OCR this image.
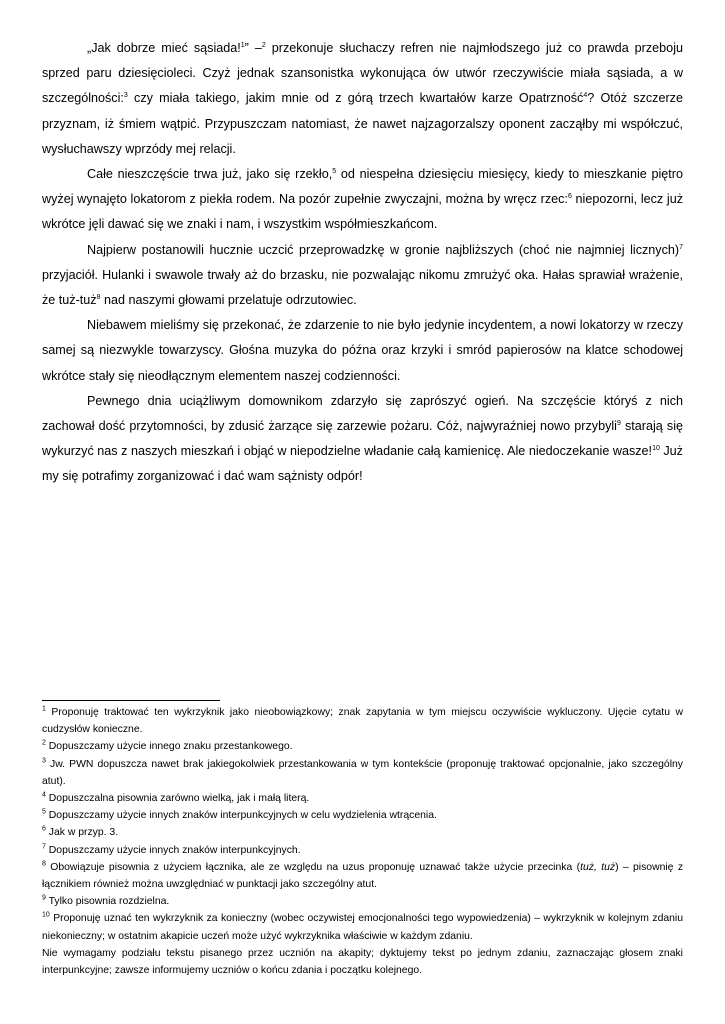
„Jak dobrze mieć sąsiada!$^1$” –$^2$ przekonuje słuchaczy refren nie najmłodszego już co prawda przeboju sprzed paru dziesięcioleci. Czyż jednak szansonistka wykonująca ów utwór rzeczywiście miała sąsiada, a w szczególności:$^3$ czy miała takiego, jakim mnie od z górą trzech kwartałów karze Opatrzność$^4$? Otóż szczerze przyznam, iż śmiem wątpić. Przypuszczam natomiast, że nawet najzagorzalszy oponent zacząłby mi współczuć, wysłuchawszy wprzódy mej relacji.

Całe nieszczęście trwa już, jako się rzekło,$^5$ od niespełna dziesięciu miesięcy, kiedy to mieszkanie piętro wyżej wynajęto lokatorom z piekła rodem. Na pozór zupełnie zwyczajni, można by wręcz rzec:$^6$ niepozorni, lecz już wkrótce jęli dawać się we znaki i nam, i wszystkim współmieszkańcom.

Najpierw postanowili hucznie uczcić przeprowadzkę w gronie najbliższych (choć nie najmniej licznych)$^7$ przyjaciół. Hulanki i swawole trwały aż do brzasku, nie pozwalając nikomu zmrużyć oka. Hałas sprawiał wrażenie, że tuż-tuż$^8$ nad naszymi głowami przelatuje odrzutowiec.

Niebawem mieliśmy się przekonać, że zdarzenie to nie było jedynie incydentem, a nowi lokatorzy w rzeczy samej są niezwykle towarzyscy. Głośna muzyka do późna oraz krzyki i smród papierosów na klatce schodowej wkrótce stały się nieodłącznym elementem naszej codzienności.

Pewnego dnia uciążliwym domownikom zdarzyło się zaprószyć ogień. Na szczęście któryś z nich zachował dość przytomności, by zdusić żarzące się zarzewie pożaru. Cóż, najwyraźniej nowo przybyli$^9$ starają się wykurzyć nas z naszych mieszkań i objąć w niepodzielne władanie całą kamienicę. Ale niedoczekanie wasze!$^{10}$ Już my się potrafimy zorganizować i dać wam sążnisty odpór!

$^1$ Proponuję traktować ten wykrzyknik jako nieobowiązkowy; znak zapytania w tym miejscu oczywiście wykluczony. Ujęcie cytatu w cudzysłów konieczne.

$^2$ Dopuszczamy użycie innego znaku przestankowego.

$^3$ Jw. PWN dopuszcza nawet brak jakiegokolwiek przestankowania w tym kontekście (proponuję traktować opcjonalnie, jako szczególny atut).

$^4$ Dopuszczalna pisownia zarówno wielką, jak i małą literą.

$^5$ Dopuszczamy użycie innych znaków interpunkcyjnych w celu wydzielenia wtrącenia.

$^6$ Jak w przyp. 3.

$^7$ Dopuszczamy użycie innych znaków interpunkcyjnych.

$^8$ Obowiązuje pisownia z użyciem łącznika, ale ze względu na uzus proponuję uznawać także użycie przecinka (tuż, tuż) – pisownię z łącznikiem również można uwzględniać w punktacji jako szczególny atut.

$^9$ Tylko pisownia rozdzielna.

$^{10}$ Proponuję uznać ten wykrzyknik za konieczny (wobec oczywistej emocjonalności tego wypowiedzenia) – wykrzyknik w kolejnym zdaniu niekonieczny; w ostatnim akapicie uczeń może użyć wykrzyknika właściwie w każdym zdaniu.

Nie wymagamy podziału tekstu pisanego przez ucznión na akapity; dyktujemy tekst po jednym zdaniu, zaznaczając głosem znaki interpunkcyjne; zawsze informujemy uczniów o końcu zdania i początku kolejnego.
